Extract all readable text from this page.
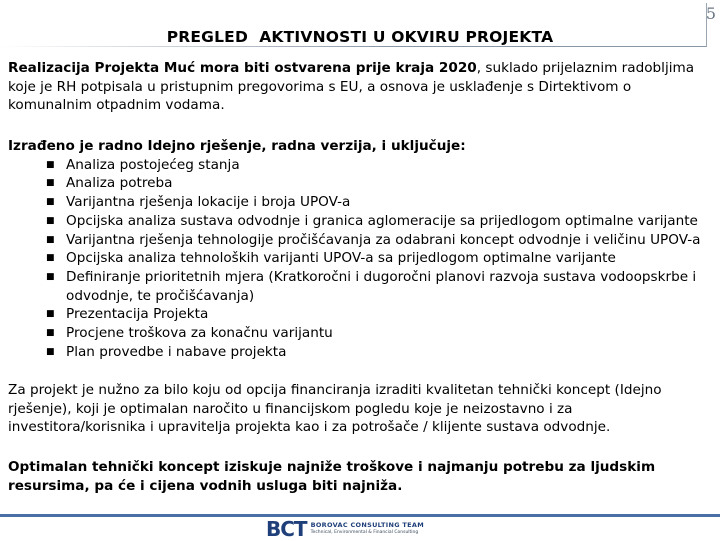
5
PREGLED  AKTIVNOSTI U OKVIRU PROJEKTA
Realizacija Projekta Muć mora biti ostvarena prije kraja 2020, suklado prijelaznim radobljima koje je RH potpisala u pristupnim pregovorima s EU, a osnova je usklađenje s Dirtektivom o komunalnim otpadnim vodama.
Izrađeno je radno Idejno rješenje, radna verzija, i uključuje:
■ Analiza postojećeg stanja
■ Analiza potreba
■ Varijantna rješenja lokacije i broja UPOV-a
■ Opcijska analiza sustava odvodnje i granica aglomeracije sa prijedlogom optimalne varijante
■ Varijantna rješenja tehnologije pročišćavanja za odabrani koncept odvodnje i veličinu UPOV-a
■ Opcijska analiza tehnoloških varijanti UPOV-a sa prijedlogom optimalne varijante
■ Definiranje prioritetnih mjera (Kratkoročni i dugoročni planovi razvoja sustava vodoopskrbe i odvodnje, te pročišćavanja)
■ Prezentacija Projekta
■ Procjene troškova za konačnu varijantu
■ Plan provedbe i nabave projekta
Za projekt je nužno za bilo koju od opcija financiranja izraditi kvalitetan tehnički koncept (Idejno rješenje), koji je optimalan naročito u financijskom pogledu koje je neizostavno i za investitora/korisnika i upravitelja projekta kao i za potrošače / klijente sustava odvodnje.
Optimalan tehnički koncept iziskuje najniže troškove i najmanju potrebu za ljudskim resursima, pa će i cijena vodnih usluga biti najniža.
BCT BOROVAC CONSULTING TEAM
Technical, Environmental & Financial Consulting
